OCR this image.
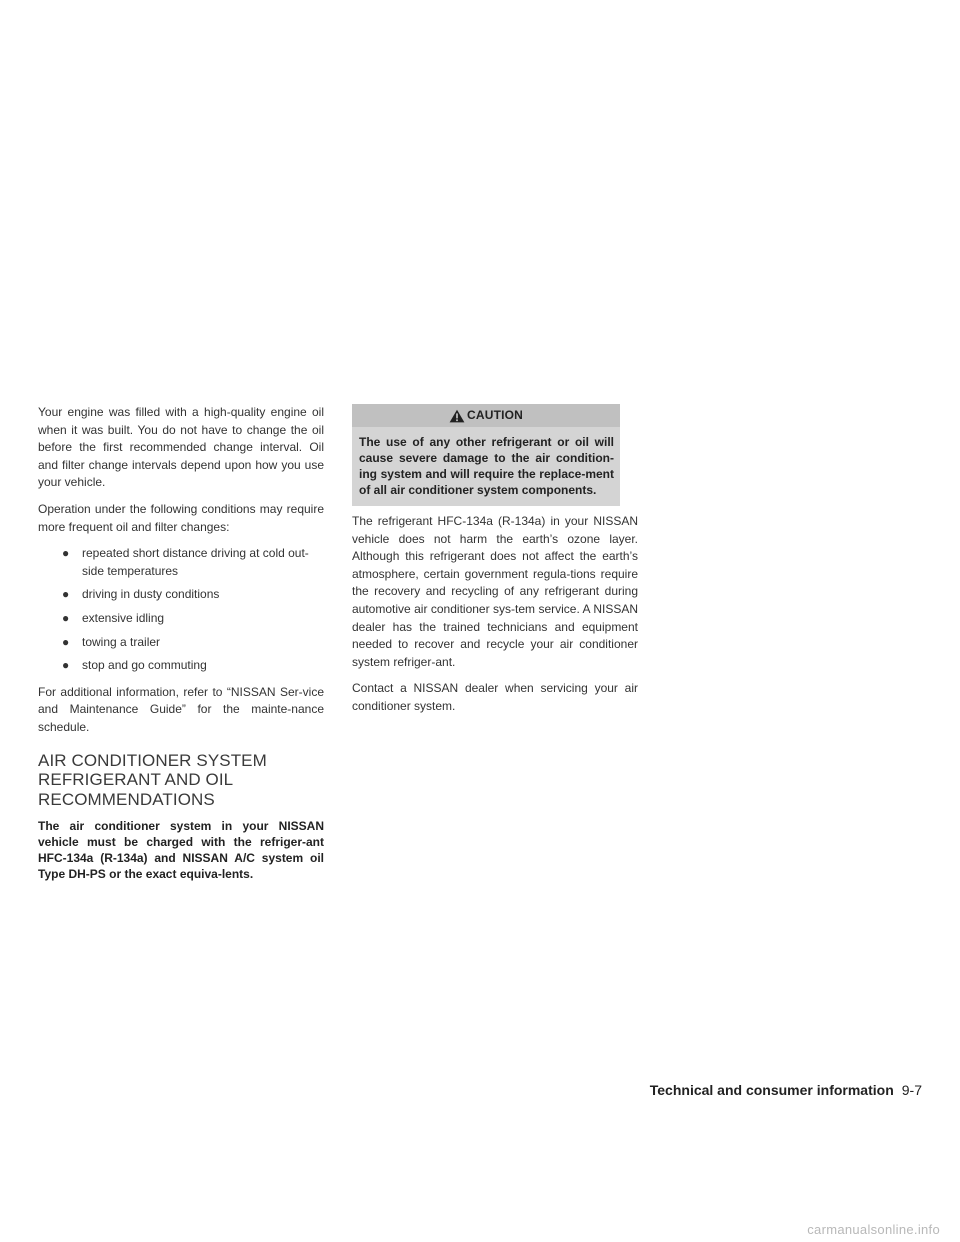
Your engine was filled with a high-quality engine oil when it was built. You do not have to change the oil before the first recommended change interval. Oil and filter change intervals depend upon how you use your vehicle.

Operation under the following conditions may require more frequent oil and filter changes:

● repeated short distance driving at cold out-side temperatures
● driving in dusty conditions
● extensive idling
● towing a trailer
● stop and go commuting

For additional information, refer to “NISSAN Ser-vice and Maintenance Guide” for the mainte-nance schedule.

AIR CONDITIONER SYSTEM
REFRIGERANT AND OIL
RECOMMENDATIONS

The air conditioner system in your NISSAN vehicle must be charged with the refriger-ant HFC-134a (R-134a) and NISSAN A/C system oil Type DH-PS or the exact equiva-lents.

CAUTION
The use of any other refrigerant or oil will cause severe damage to the air condition-ing system and will require the replace-ment of all air conditioner system components.

The refrigerant HFC-134a (R-134a) in your NISSAN vehicle does not harm the earth’s ozone layer. Although this refrigerant does not affect the earth’s atmosphere, certain government regula-tions require the recovery and recycling of any refrigerant during automotive air conditioner sys-tem service. A NISSAN dealer has the trained technicians and equipment needed to recover and recycle your air conditioner system refriger-ant.

Contact a NISSAN dealer when servicing your air conditioner system.

Technical and consumer information 9-7
carmanualsonline.info
